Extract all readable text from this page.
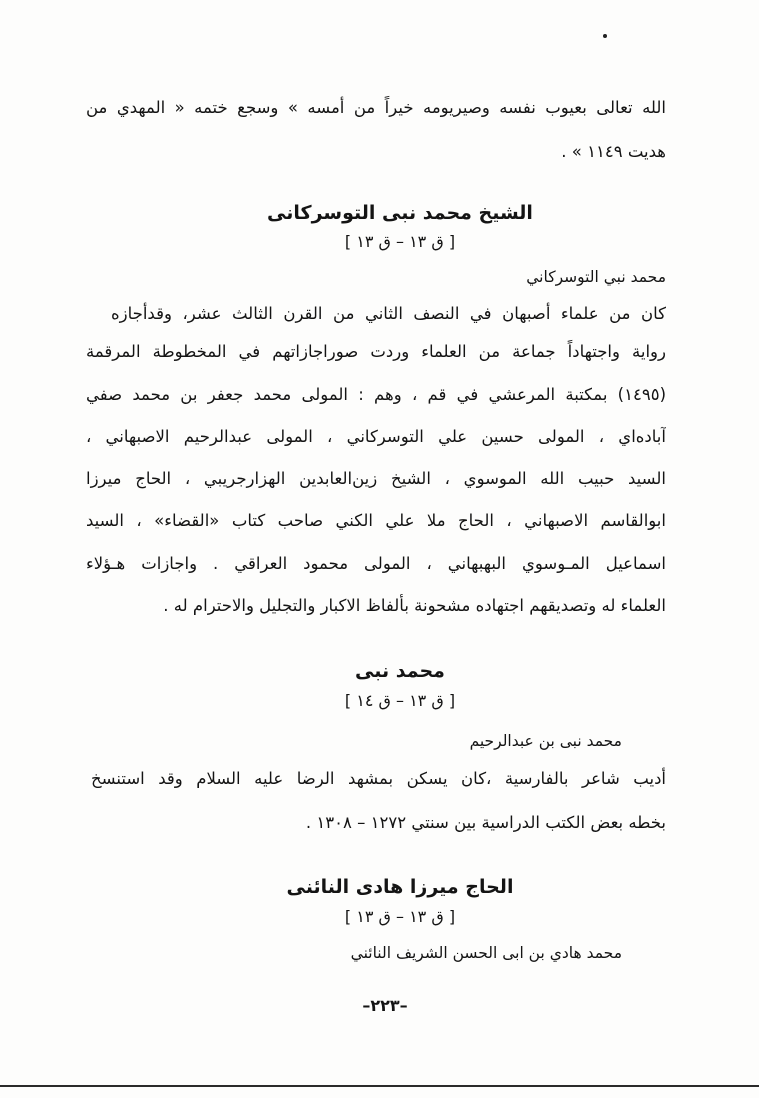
الله تعالى بعيوب نفسه وصيريومه خيراً من أمسه » وسجع ختمه « المهدي من
هديت ١١٤٩ » .
الشيخ محمد نبى التوسركانى
[ ق ١٣ – ق ١٣ ]
محمد نبي التوسركاني
كان من علماء أصبهان في النصف الثاني من القرن الثالث عشر، وقدأجازه
رواية واجتهاداً جماعة من العلماء وردت صوراجازاتهم في المخطوطة المرقمة
(١٤٩٥) بمكتبة المرعشي في قم ، وهم : المولى محمد جعفر بن محمد صفي
آباده‌اي ، المولى حسين علي التوسركاني ، المولى عبدالرحيم الاصبهاني ،
السيد حبيب الله الموسوي ، الشيخ زين‌العابدين الهزارجريبي ، الحاج ميرزا
ابوالقاسم الاصبهاني ، الحاج ملا علي الكني صاحب كتاب «القضاء» ، السيد
اسماعيل المـوسوي البهبهاني ، المولى محمود العراقي . واجازات هـؤلاء
العلماء له وتصديقهم اجتهاده مشحونة بألفاظ الاكبار والتجليل والاحترام له .
محمد نبى
[ ق ١٣ – ق ١٤ ]
محمد نبى بن عبدالرحيم
أديب شاعر بالفارسية ،كان يسكن بمشهد الرضا عليه السلام وقد استنسخ
بخطه بعض الكتب الدراسية بين سنتي ١٢٧٢ – ١٣٠٨ .
الحاج ميرزا هادى النائنى
[ ق ١٣ – ق ١٣ ]
محمد هادي بن ابى الحسن الشريف النائني
–٢٢٣–
